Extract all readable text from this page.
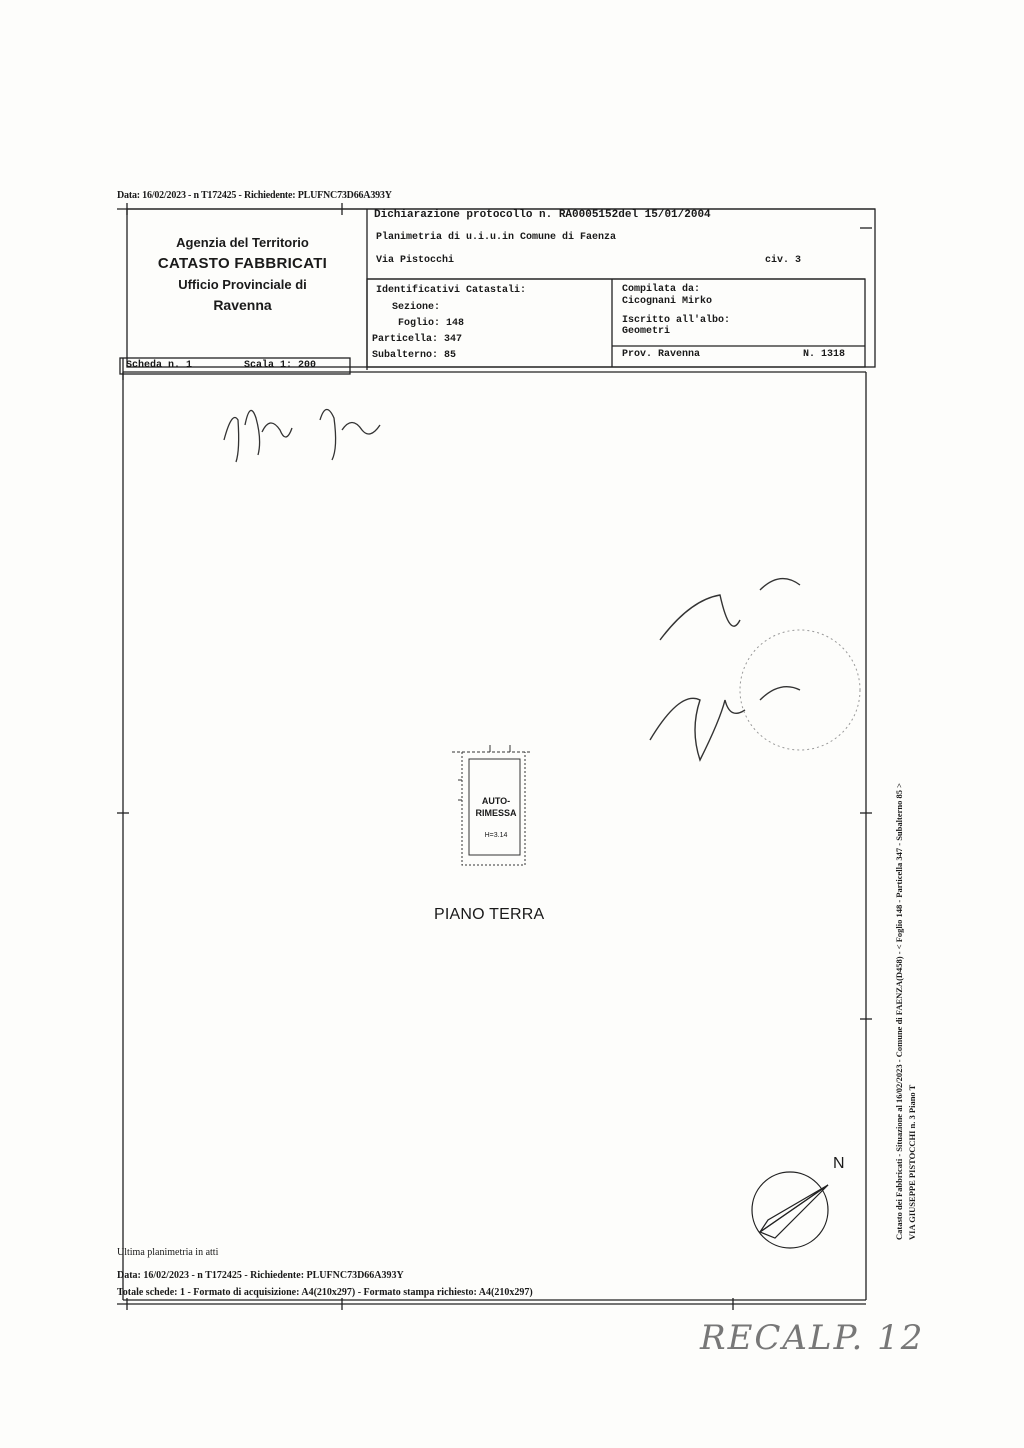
Data: 16/02/2023 - n T172425 - Richiedente: PLUFNC73D66A393Y
Agenzia del Territorio
CATASTO FABBRICATI
Ufficio Provinciale di
Ravenna
Dichiarazione protocollo n. RA0005152del 15/01/2004
Planimetria di u.i.u.in Comune di Faenza
Via Pistocchi	civ. 3
Identificativi Catastali:
Sezione:
Foglio: 148
Particella: 347
Subalterno: 85
Compilata da:
Cicognani Mirko
Iscritto all'albo:
Geometri
Prov. Ravenna	N. 1318
Scheda n. 1	Scala 1: 200
AUTO-
RIMESSA
H=3.14
PIANO TERRA
N
Ultima planimetria in atti
Data: 16/02/2023 - n T172425 - Richiedente: PLUFNC73D66A393Y
Totale schede: 1 - Formato di acquisizione: A4(210x297) - Formato stampa richiesto: A4(210x297)
Catasto dei Fabbricati - Situazione al 16/02/2023 - Comune di FAENZA(D458) - < Foglio 148 - Particella 347 - Subalterno 85 > VIA GIUSEPPE PISTOCCHI n. 3 Piano T
RECALP. 12
